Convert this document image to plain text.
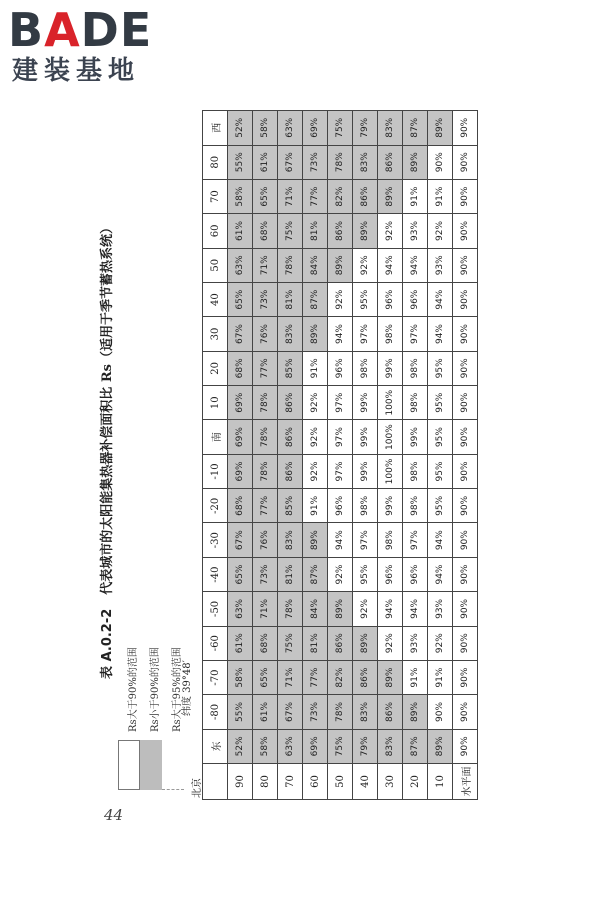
BADE
建装基地
表 A.0.2-2代表城市的太阳能集热器补偿面积比 Rs（适用于季节蓄热系统）
Rs大于90%的范围	Rs小于90%的范围	Rs大于95%的范围
北京
纬度 39°48′
	东	-80	-70	-60	-50	-40	-30	-20	-10	南	10	20	30	40	50	60	70	80	西
90	52%	55%	58%	61%	63%	65%	67%	68%	69%	69%	69%	68%	67%	65%	63%	61%	58%	55%	52%
80	58%	61%	65%	68%	71%	73%	76%	77%	78%	78%	78%	77%	76%	73%	71%	68%	65%	61%	58%
70	63%	67%	71%	75%	78%	81%	83%	85%	86%	86%	86%	85%	83%	81%	78%	75%	71%	67%	63%
60	69%	73%	77%	81%	84%	87%	89%	91%	92%	92%	92%	91%	89%	87%	84%	81%	77%	73%	69%
50	75%	78%	82%	86%	89%	92%	94%	96%	97%	97%	97%	96%	94%	92%	89%	86%	82%	78%	75%
40	79%	83%	86%	89%	92%	95%	97%	98%	99%	99%	99%	98%	97%	95%	92%	89%	86%	83%	79%
30	83%	86%	89%	92%	94%	96%	98%	99%	100%	100%	100%	99%	98%	96%	94%	92%	89%	86%	83%
20	87%	89%	91%	93%	94%	96%	97%	98%	98%	99%	98%	98%	97%	96%	94%	93%	91%	89%	87%
10	89%	90%	91%	92%	93%	94%	94%	95%	95%	95%	95%	95%	94%	94%	93%	92%	91%	90%	89%
水平面	90%	90%	90%	90%	90%	90%	90%	90%	90%	90%	90%	90%	90%	90%	90%	90%	90%	90%	90%
44
